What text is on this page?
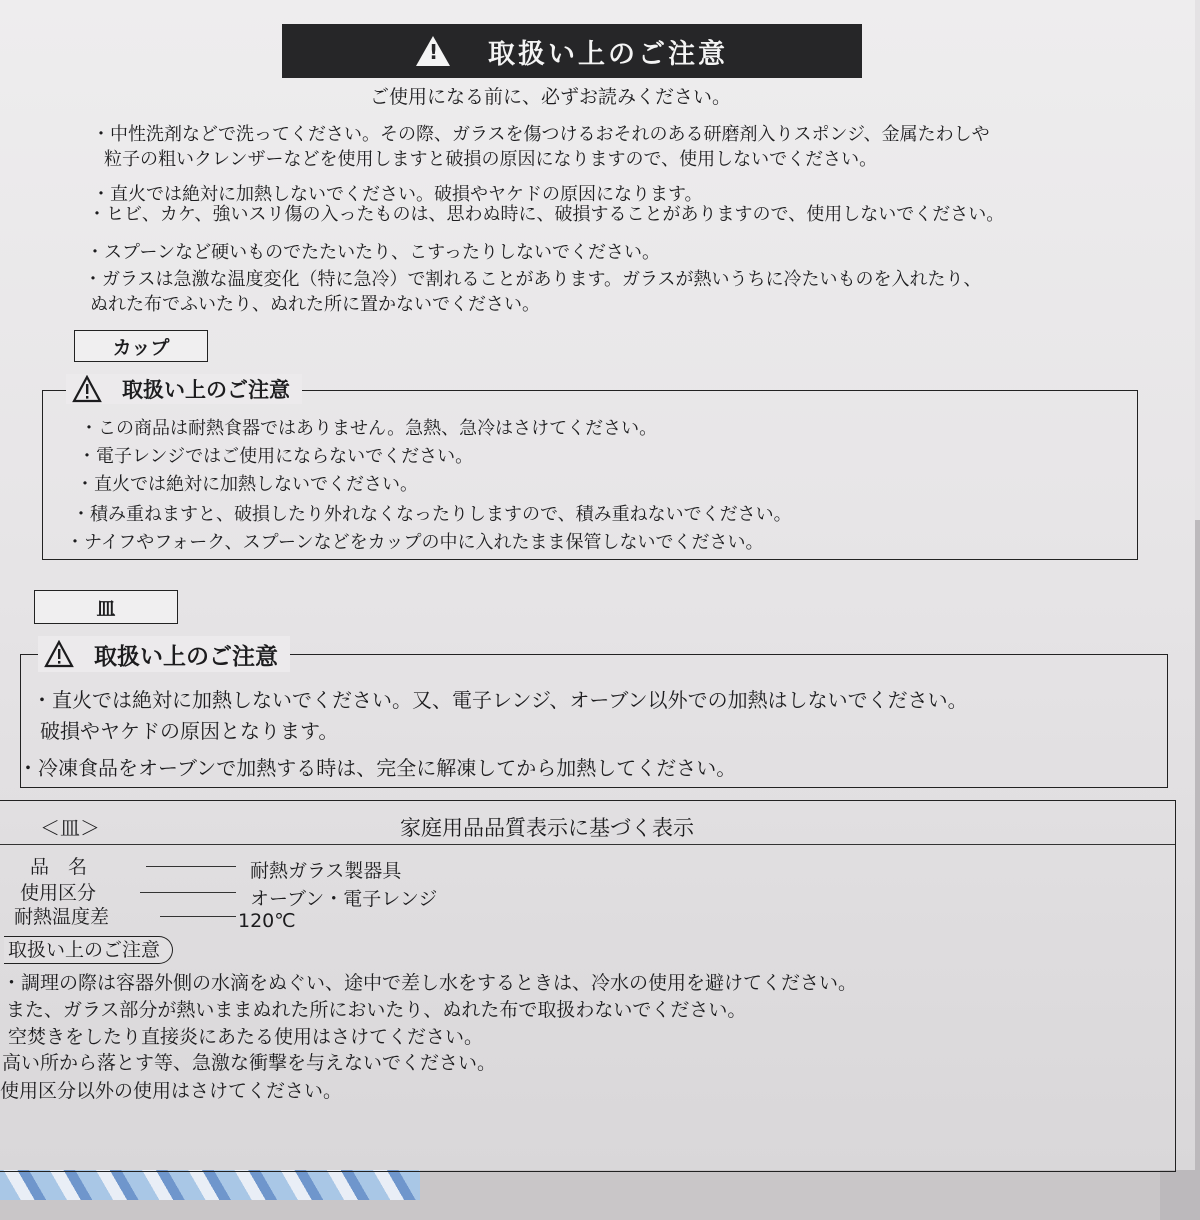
!
取扱い上のご注意
ご使用になる前に、必ずお読みください。
・中性洗剤などで洗ってください。その際、ガラスを傷つけるおそれのある研磨剤入りスポンジ、金属たわしや
粒子の粗いクレンザーなどを使用しますと破損の原因になりますので、使用しないでください。
・直火では絶対に加熱しないでください。破損やヤケドの原因になります。
・ヒビ、カケ、強いスリ傷の入ったものは、思わぬ時に、破損することがありますので、使用しないでください。
・スプーンなど硬いものでたたいたり、こすったりしないでください。
・ガラスは急激な温度変化（特に急冷）で割れることがあります。ガラスが熱いうちに冷たいものを入れたり、
ぬれた布でふいたり、ぬれた所に置かないでください。
カップ
取扱い上のご注意
・この商品は耐熱食器ではありません。急熱、急冷はさけてください。
・電子レンジではご使用にならないでください。
・直火では絶対に加熱しないでください。
・積み重ねますと、破損したり外れなくなったりしますので、積み重ねないでください。
・ナイフやフォーク、スプーンなどをカップの中に入れたまま保管しないでください。
皿
取扱い上のご注意
・直火では絶対に加熱しないでください。又、電子レンジ、オーブン以外での加熱はしないでください。
破損やヤケドの原因となります。
・冷凍食品をオーブンで加熱する時は、完全に解凍してから加熱してください。
＜皿＞	家庭用品品質表示に基づく表示
品　名	耐熱ガラス製器具
使用区分	オーブン・電子レンジ
耐熱温度差	120℃
取扱い上のご注意
・調理の際は容器外側の水滴をぬぐい、途中で差し水をするときは、冷水の使用を避けてください。
また、ガラス部分が熱いままぬれた所においたり、ぬれた布で取扱わないでください。
空焚きをしたり直接炎にあたる使用はさけてください。
高い所から落とす等、急激な衝撃を与えないでください。
使用区分以外の使用はさけてください。
